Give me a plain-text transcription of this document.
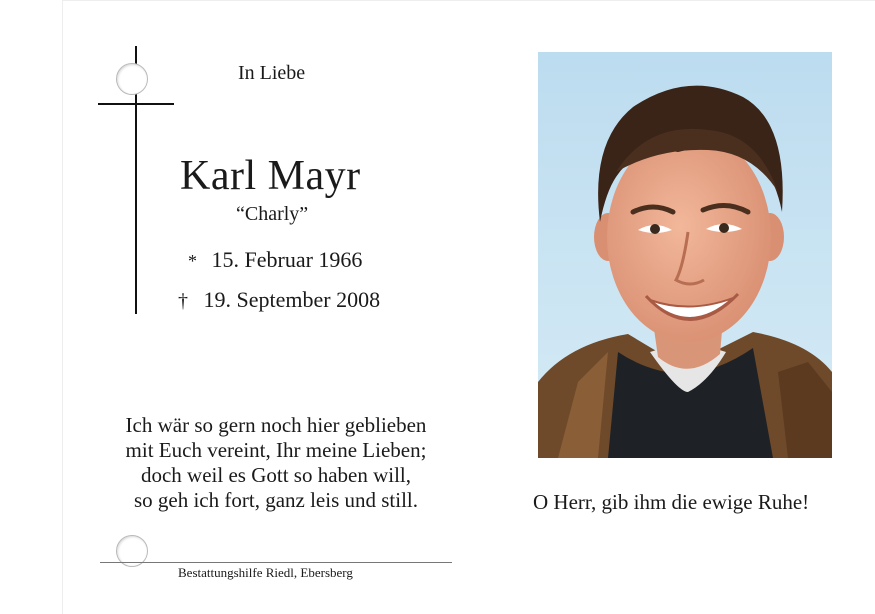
In Liebe
Karl Mayr
“Charly”
* 15. Februar 1966
† 19. September 2008
Ich wär so gern noch hier geblieben
mit Euch vereint, Ihr meine Lieben;
doch weil es Gott so haben will,
so geh ich fort, ganz leis und still.
Bestattungshilfe Riedl, Ebersberg
O Herr, gib ihm die ewige Ruhe!
